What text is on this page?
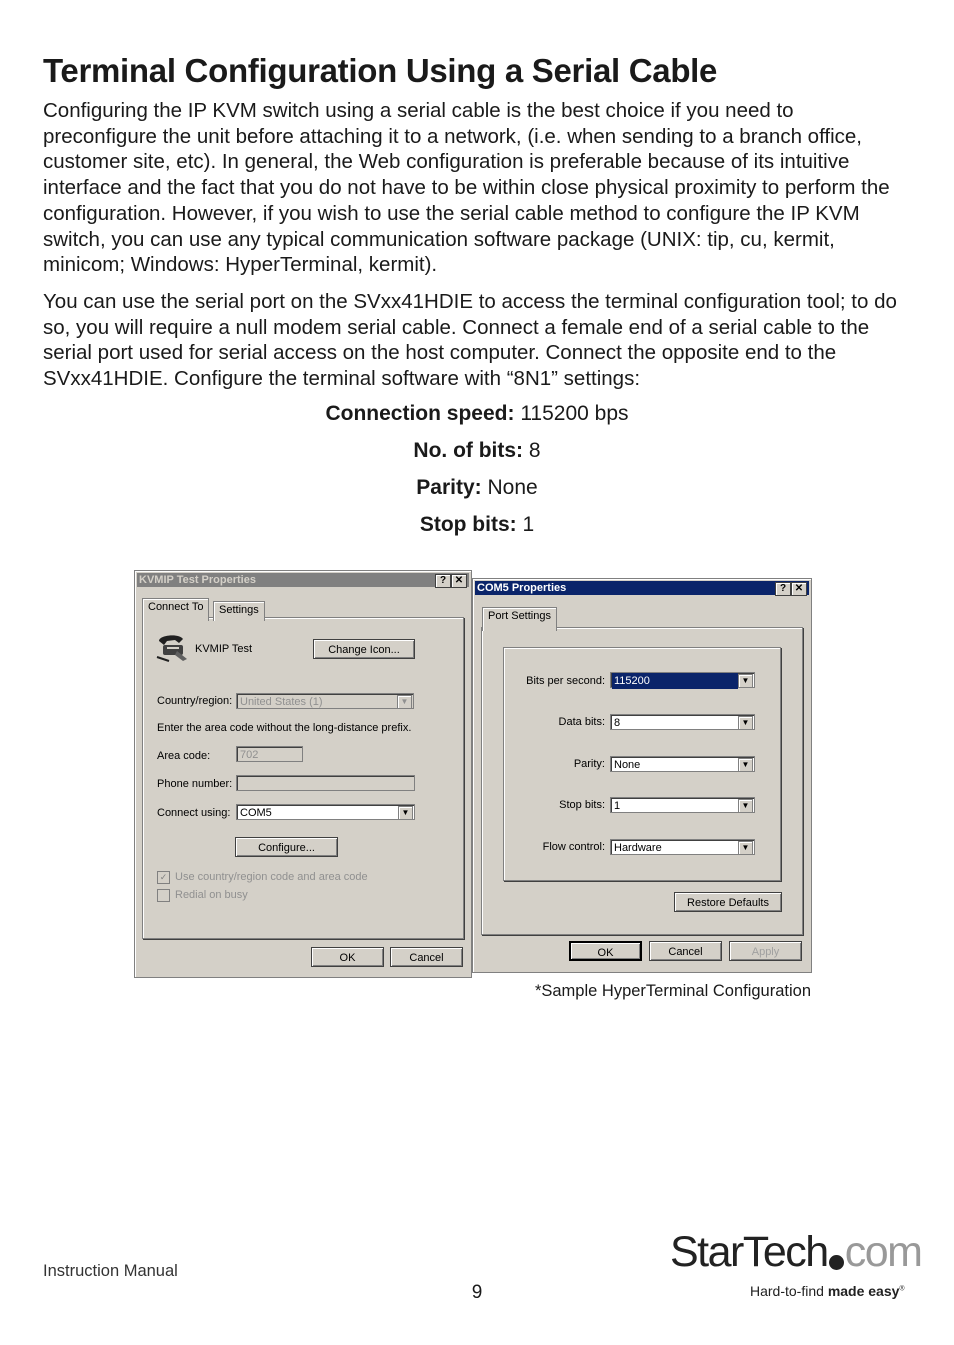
Terminal Configuration Using a Serial Cable

Configuring the IP KVM switch using a serial cable is the best choice if you need to preconfigure the unit before attaching it to a network, (i.e. when sending to a branch office, customer site, etc). In general, the Web configuration is preferable because of its intuitive interface and the fact that you do not have to be within close physical proximity to perform the configuration. However, if you wish to use the serial cable method to configure the IP KVM switch, you can use any typical communication software package (UNIX: tip, cu, kermit, minicom; Windows: HyperTerminal, kermit).

You can use the serial port on the SVxx41HDIE to access the terminal configuration tool; to do so, you will require a null modem serial cable. Connect a female end of a serial cable to the serial port used for serial access on the host computer. Connect the opposite end to the SVxx41HDIE. Configure the terminal software with “8N1” settings:

Connection speed: 115200 bps
No. of bits: 8
Parity: None
Stop bits: 1
KVMIP Test Properties	? ✕
Connect To	Settings
KVMIP Test	Change Icon...
Country/region: United States (1)	▼
Enter the area code without the long-distance prefix.
Area code:	702
Phone number:
Connect using: COM5	▼
Configure...
✓ Use country/region code and area code
Redial on busy
OK	Cancel
COM5 Properties	? ✕
Port Settings
Bits per second: 115200	▼
Data bits: 8	▼
Parity: None	▼
Stop bits: 1	▼
Flow control: Hardware	▼
Restore Defaults
OK	Cancel	Apply
*Sample HyperTerminal Configuration
Instruction Manual
9
StarTech com
Hard-to-find made easy®
